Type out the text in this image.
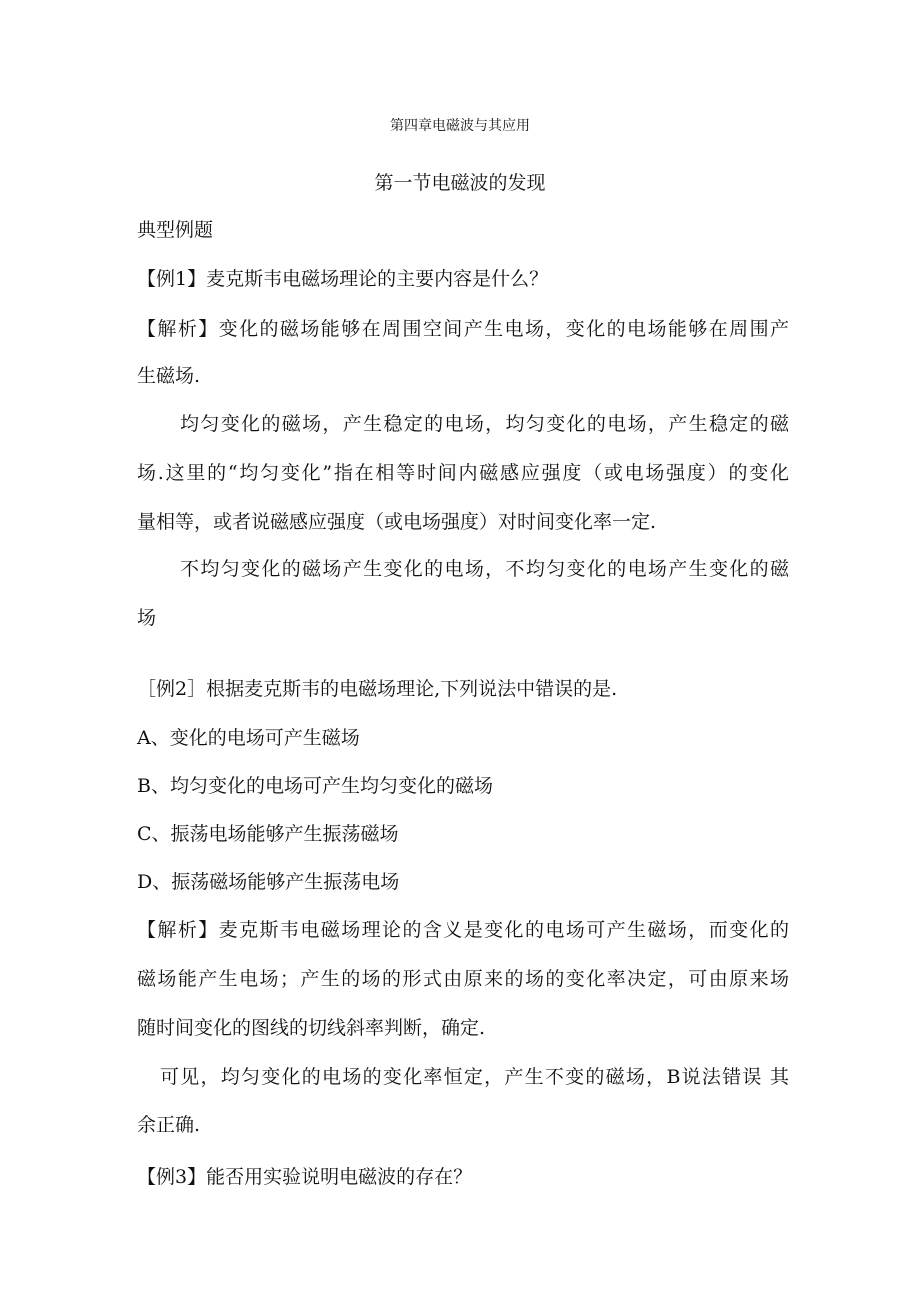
第四章电磁波与其应用
第一节电磁波的发现
典型例题
【例1】麦克斯韦电磁场理论的主要内容是什么？
【解析】变化的磁场能够在周围空间产生电场，变化的电场能够在周围产
生磁场.
均匀变化的磁场，产生稳定的电场，均匀变化的电场，产生稳定的磁
场.这里的“均匀变化”指在相等时间内磁感应强度（或电场强度）的变化
量相等，或者说磁感应强度（或电场强度）对时间变化率一定.
不均匀变化的磁场产生变化的电场，不均匀变化的电场产生变化的磁
场
［例2］根据麦克斯韦的电磁场理论,下列说法中错误的是.
A、变化的电场可产生磁场
B、均匀变化的电场可产生均匀变化的磁场
C、振荡电场能够产生振荡磁场
D、振荡磁场能够产生振荡电场
【解析】麦克斯韦电磁场理论的含义是变化的电场可产生磁场，而变化的
磁场能产生电场；产生的场的形式由原来的场的变化率决定，可由原来场
随时间变化的图线的切线斜率判断，确定.
可见，均匀变化的电场的变化率恒定，产生不变的磁场，B说法错误 其
余正确.
【例3】能否用实验说明电磁波的存在？
